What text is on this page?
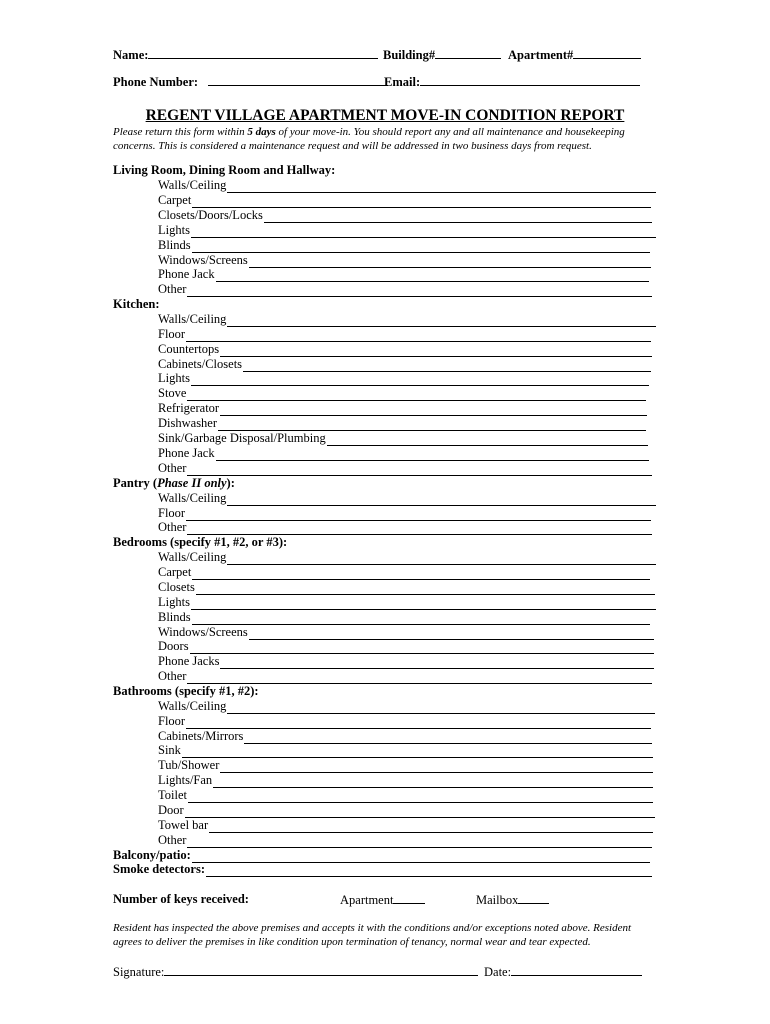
Name:	Building#	Apartment#
Phone Number:	Email:
REGENT VILLAGE APARTMENT MOVE-IN CONDITION REPORT
Please return this form within 5 days of your move-in. You should report any and all maintenance and housekeeping concerns. This is considered a maintenance request and will be addressed in two business days from request.
Living Room, Dining Room and Hallway:
Walls/Ceiling
Carpet
Closets/Doors/Locks
Lights
Blinds
Windows/Screens
Phone Jack
Other
Kitchen:
Walls/Ceiling
Floor
Countertops
Cabinets/Closets
Lights
Stove
Refrigerator
Dishwasher
Sink/Garbage Disposal/Plumbing
Phone Jack
Other
Pantry (Phase II only):
Walls/Ceiling
Floor
Other
Bedrooms (specify #1, #2, or #3):
Walls/Ceiling
Carpet
Closets
Lights
Blinds
Windows/Screens
Doors
Phone Jacks
Other
Bathrooms (specify #1, #2):
Walls/Ceiling
Floor
Cabinets/Mirrors
Sink
Tub/Shower
Lights/Fan
Toilet
Door
Towel bar
Other
Balcony/patio:
Smoke detectors:
Number of keys received:	Apartment	Mailbox
Resident has inspected the above premises and accepts it with the conditions and/or exceptions noted above. Resident agrees to deliver the premises in like condition upon termination of tenancy, normal wear and tear expected.
Signature:	Date:
